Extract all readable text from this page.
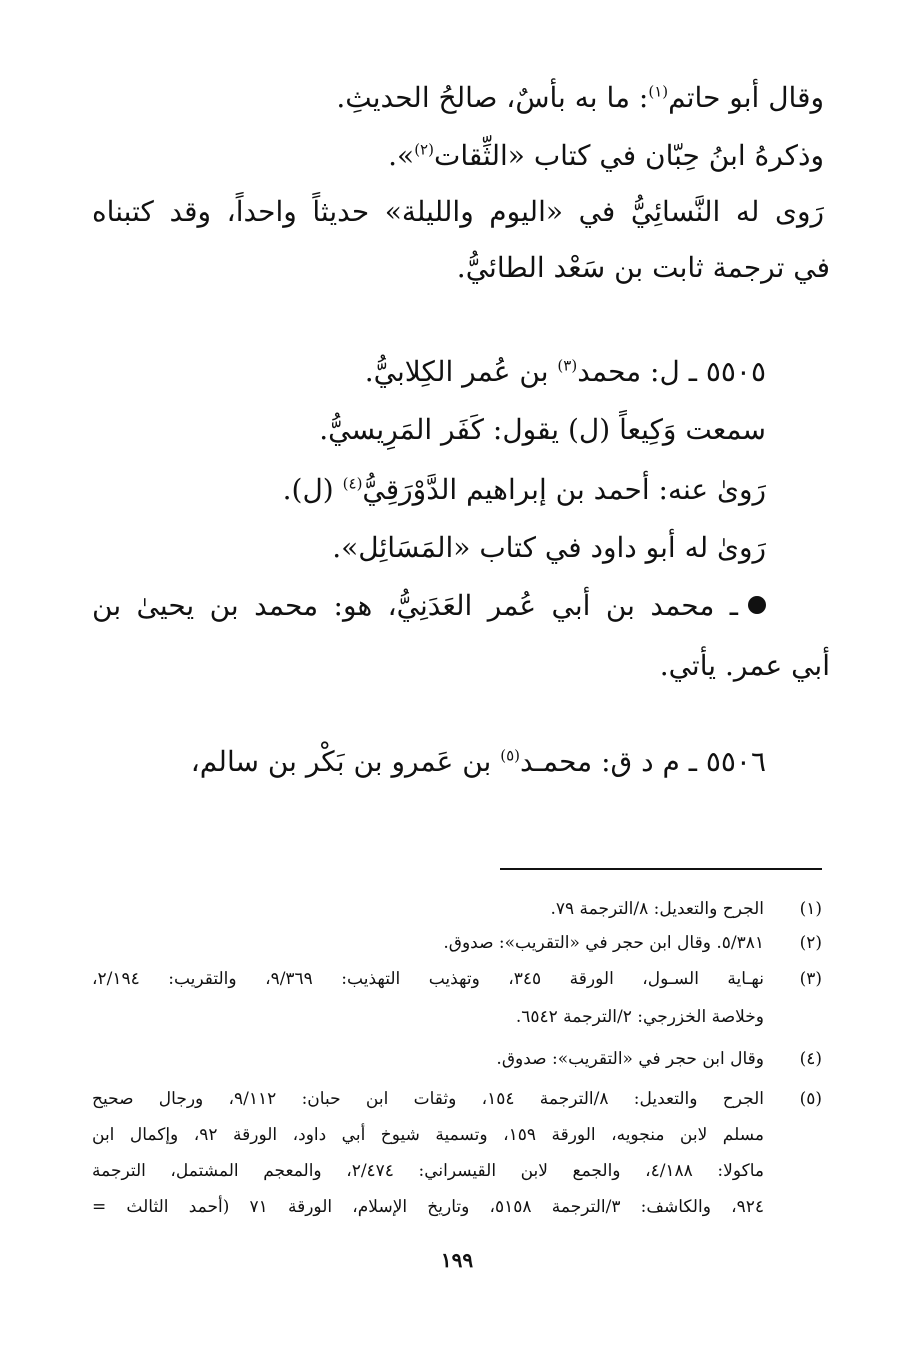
وقال أبو حاتم$^{(١)}$: ما به بأسٌ، صالحُ الحديثِ.
وذكرهُ ابنُ حِبّان في كتاب «الثِّقات$^{(٢)}$».
رَوى له النَّسائِيُّ في «اليوم والليلة» حديثاً واحداً، وقد كتبناه
في ترجمة ثابت بن سَعْد الطائيُّ.
٥٥٠٥ ـ ل: محمد$^{(٣)}$ بن عُمر الكِلابيُّ.
سمعت وَكِيعاً (ل) يقول: كَفَر المَرِيسيُّ.
رَوىٰ عنه: أحمد بن إبراهيم الدَّوْرَقِيُّ$^{(٤)}$ (ل).
رَوىٰ له أبو داود في كتاب «المَسَائِل».
ـ محمد بن أبي عُمر العَدَنِيُّ، هو: محمد بن يحيىٰ بن
أبي عمر. يأتي.
٥٥٠٦ ـ م د ق: محمـد$^{(٥)}$ بن عَمرو بن بَكْر بن سالم،
(١)
الجرح والتعديل: ٨/الترجمة ٧٩.
(٢)
٥/٣٨١. وقال ابن حجر في «التقريب»: صدوق.
(٣)
نهـاية السـول، الورقة ٣٤٥، وتهذيب التهذيب: ٩/٣٦٩، والتقريب: ٢/١٩٤،
وخلاصة الخزرجي: ٢/الترجمة ٦٥٤٢.
(٤)
وقال ابن حجر في «التقريب»: صدوق.
(٥)
الجرح والتعديل: ٨/الترجمة ١٥٤، وثقات ابن حبان: ٩/١١٢، ورجال صحيح
مسلم لابن منجويه، الورقة ١٥٩، وتسمية شيوخ أبي داود، الورقة ٩٢، وإكمال ابن
ماكولا: ٤/١٨٨، والجمع لابن القيسراني: ٢/٤٧٤، والمعجم المشتمل، الترجمة
٩٢٤، والكاشف: ٣/الترجمة ٥١٥٨، وتاريخ الإسلام، الورقة ٧١ (أحمد الثالث =
١٩٩
